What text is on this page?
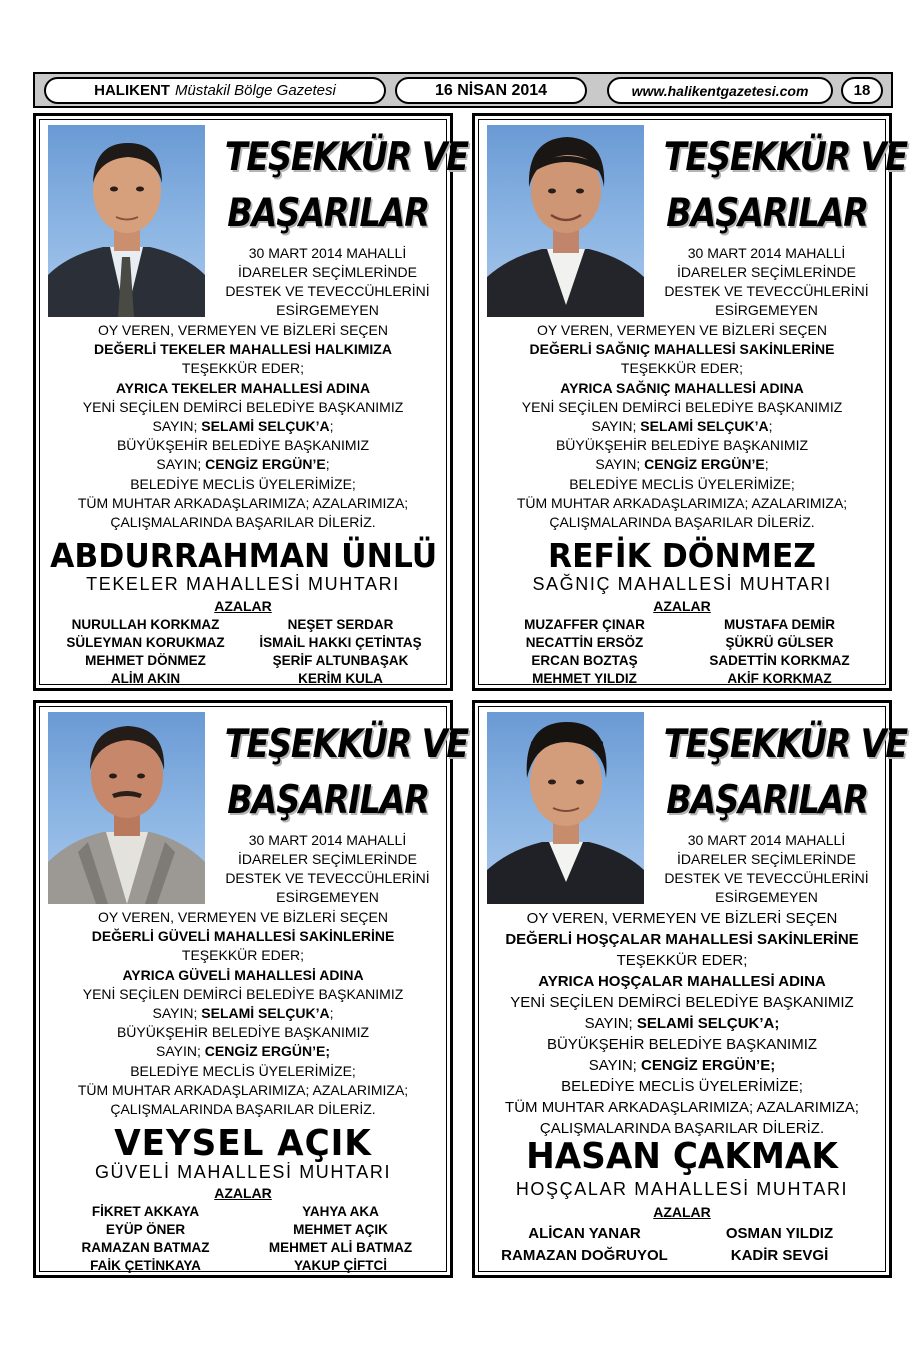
HALIKENT Müstakil Bölge Gazetesi	16 NİSAN 2014	www.halikentgazetesi.com	18
TEŞEKKÜR VE
BAŞARILAR
30 MART 2014 MAHALLİ
İDARELER SEÇİMLERİNDE
DESTEK VE TEVECCÜHLERİNİ
ESİRGEMEYEN
OY VEREN, VERMEYEN VE BİZLERİ SEÇEN
DEĞERLİ TEKELER MAHALLESİ HALKIMIZA
TEŞEKKÜR EDER;
AYRICA TEKELER MAHALLESİ ADINA
YENİ SEÇİLEN DEMİRCİ BELEDİYE BAŞKANIMIZ
SAYIN; SELAMİ SELÇUK’A;
BÜYÜKŞEHİR BELEDİYE BAŞKANIMIZ
SAYIN; CENGİZ ERGÜN’E;
BELEDİYE MECLİS ÜYELERİMİZE;
TÜM MUHTAR ARKADAŞLARIMIZA; AZALARIMIZA;
ÇALIŞMALARINDA BAŞARILAR DİLERİZ.
ABDURRAHMAN ÜNLÜ
TEKELER MAHALLESİ MUHTARI
AZALAR
NURULLAH KORKMAZ	NEŞET SERDAR
SÜLEYMAN KORUKMAZ	İSMAİL HAKKI ÇETİNTAŞ
MEHMET DÖNMEZ	ŞERİF ALTUNBAŞAK
ALİM AKIN	KERİM KULA
TEŞEKKÜR VE
BAŞARILAR
30 MART 2014 MAHALLİ
İDARELER SEÇİMLERİNDE
DESTEK VE TEVECCÜHLERİNİ
ESİRGEMEYEN
OY VEREN, VERMEYEN VE BİZLERİ SEÇEN
DEĞERLİ SAĞNIÇ MAHALLESİ SAKİNLERİNE
TEŞEKKÜR EDER;
AYRICA SAĞNIÇ MAHALLESİ ADINA
YENİ SEÇİLEN DEMİRCİ BELEDİYE BAŞKANIMIZ
SAYIN; SELAMİ SELÇUK’A;
BÜYÜKŞEHİR BELEDİYE BAŞKANIMIZ
SAYIN; CENGİZ ERGÜN’E;
BELEDİYE MECLİS ÜYELERİMİZE;
TÜM MUHTAR ARKADAŞLARIMIZA; AZALARIMIZA;
ÇALIŞMALARINDA BAŞARILAR DİLERİZ.
REFİK DÖNMEZ
SAĞNIÇ MAHALLESİ MUHTARI
AZALAR
MUZAFFER ÇINAR	MUSTAFA DEMİR
NECATTİN ERSÖZ	ŞÜKRÜ GÜLSER
ERCAN BOZTAŞ	SADETTİN KORKMAZ
MEHMET YILDIZ	AKİF KORKMAZ
TEŞEKKÜR VE
BAŞARILAR
30 MART 2014 MAHALLİ
İDARELER SEÇİMLERİNDE
DESTEK VE TEVECCÜHLERİNİ
ESİRGEMEYEN
OY VEREN, VERMEYEN VE BİZLERİ SEÇEN
DEĞERLİ GÜVELİ MAHALLESİ SAKİNLERİNE
TEŞEKKÜR EDER;
AYRICA GÜVELİ MAHALLESİ ADINA
YENİ SEÇİLEN DEMİRCİ BELEDİYE BAŞKANIMIZ
SAYIN; SELAMİ SELÇUK’A;
BÜYÜKŞEHİR BELEDİYE BAŞKANIMIZ
SAYIN; CENGİZ ERGÜN’E;
BELEDİYE MECLİS ÜYELERİMİZE;
TÜM MUHTAR ARKADAŞLARIMIZA; AZALARIMIZA;
ÇALIŞMALARINDA BAŞARILAR DİLERİZ.
VEYSEL AÇIK
GÜVELİ MAHALLESİ MUHTARI
AZALAR
FİKRET AKKAYA	YAHYA AKA
EYÜP ÖNER	MEHMET AÇIK
RAMAZAN BATMAZ	MEHMET ALİ BATMAZ
FAİK ÇETİNKAYA	YAKUP ÇİFTCİ
TEŞEKKÜR VE
BAŞARILAR
30 MART 2014 MAHALLİ
İDARELER SEÇİMLERİNDE
DESTEK VE TEVECCÜHLERİNİ
ESİRGEMEYEN
OY VEREN, VERMEYEN VE BİZLERİ SEÇEN
DEĞERLİ HOŞÇALAR MAHALLESİ SAKİNLERİNE
TEŞEKKÜR EDER;
AYRICA HOŞÇALAR MAHALLESİ ADINA
YENİ SEÇİLEN DEMİRCİ BELEDİYE BAŞKANIMIZ
SAYIN; SELAMİ SELÇUK’A;
BÜYÜKŞEHİR BELEDİYE BAŞKANIMIZ
SAYIN; CENGİZ ERGÜN’E;
BELEDİYE MECLİS ÜYELERİMİZE;
TÜM MUHTAR ARKADAŞLARIMIZA; AZALARIMIZA;
ÇALIŞMALARINDA BAŞARILAR DİLERİZ.
HASAN ÇAKMAK
HOŞÇALAR MAHALLESİ MUHTARI
AZALAR
ALİCAN YANAR	OSMAN YILDIZ
RAMAZAN DOĞRUYOL	KADİR SEVGİ
